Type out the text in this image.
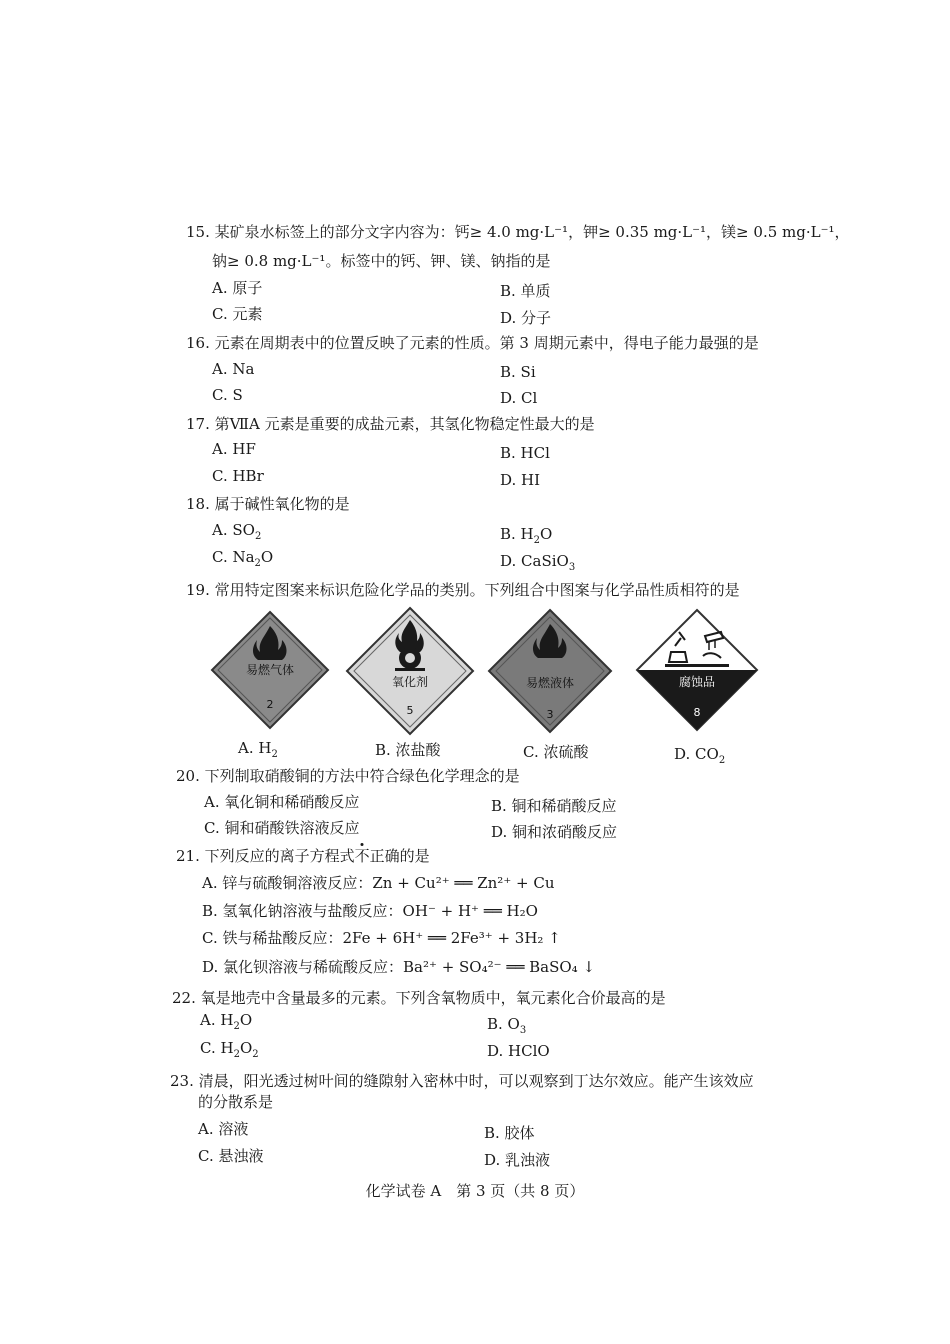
15. 某矿泉水标签上的部分文字内容为：钙≥ 4.0 mg·L⁻¹，钾≥ 0.35 mg·L⁻¹，镁≥ 0.5 mg·L⁻¹，
钠≥ 0.8 mg·L⁻¹。标签中的钙、钾、镁、钠指的是
A. 原子	B. 单质
C. 元素	D. 分子
16. 元素在周期表中的位置反映了元素的性质。第 3 周期元素中，得电子能力最强的是
A. Na	B. Si
C. S	D. Cl
17. 第ⅦA 元素是重要的成盐元素，其氢化物稳定性最大的是
A. HF	B. HCl
C. HBr	D. HI
18. 属于碱性氧化物的是
A. $SO_2$	B. $H_2O$
C. $Na_2O$	D. CaSiO$_3$
19. 常用特定图案来标识危险化学品的类别。下列组合中图案与化学品性质相符的是
易燃气体
2
氧化剂
5
易燃液体
3
腐蚀品
8
A. $H_2$	B. 浓盐酸	C. 浓硫酸	D. $CO_2$
20. 下列制取硝酸铜的方法中符合绿色化学理念的是
A. 氧化铜和稀硝酸反应	B. 铜和稀硝酸反应
C. 铜和硝酸铁溶液反应	D. 铜和浓硝酸反应
21. 下列反应的离子方程式不正确的是
A. 锌与硫酸铜溶液反应：Zn + Cu²⁺ ══ Zn²⁺ + Cu
B. 氢氧化钠溶液与盐酸反应：OH⁻ + H⁺ ══ H₂O
C. 铁与稀盐酸反应：2Fe + 6H⁺ ══ 2Fe³⁺ + 3H₂ ↑
D. 氯化钡溶液与稀硫酸反应：Ba²⁺ + SO₄²⁻ ══ BaSO₄ ↓
22. 氧是地壳中含量最多的元素。下列含氧物质中，氧元素化合价最高的是
A. $H_2O$	B. $O_3$
C. $H_2O_2$	D. HClO
23. 清晨，阳光透过树叶间的缝隙射入密林中时，可以观察到丁达尔效应。能产生该效应
的分散系是
A. 溶液	B. 胶体
C. 悬浊液	D. 乳浊液
化学试卷 A　第 3 页（共 8 页）
